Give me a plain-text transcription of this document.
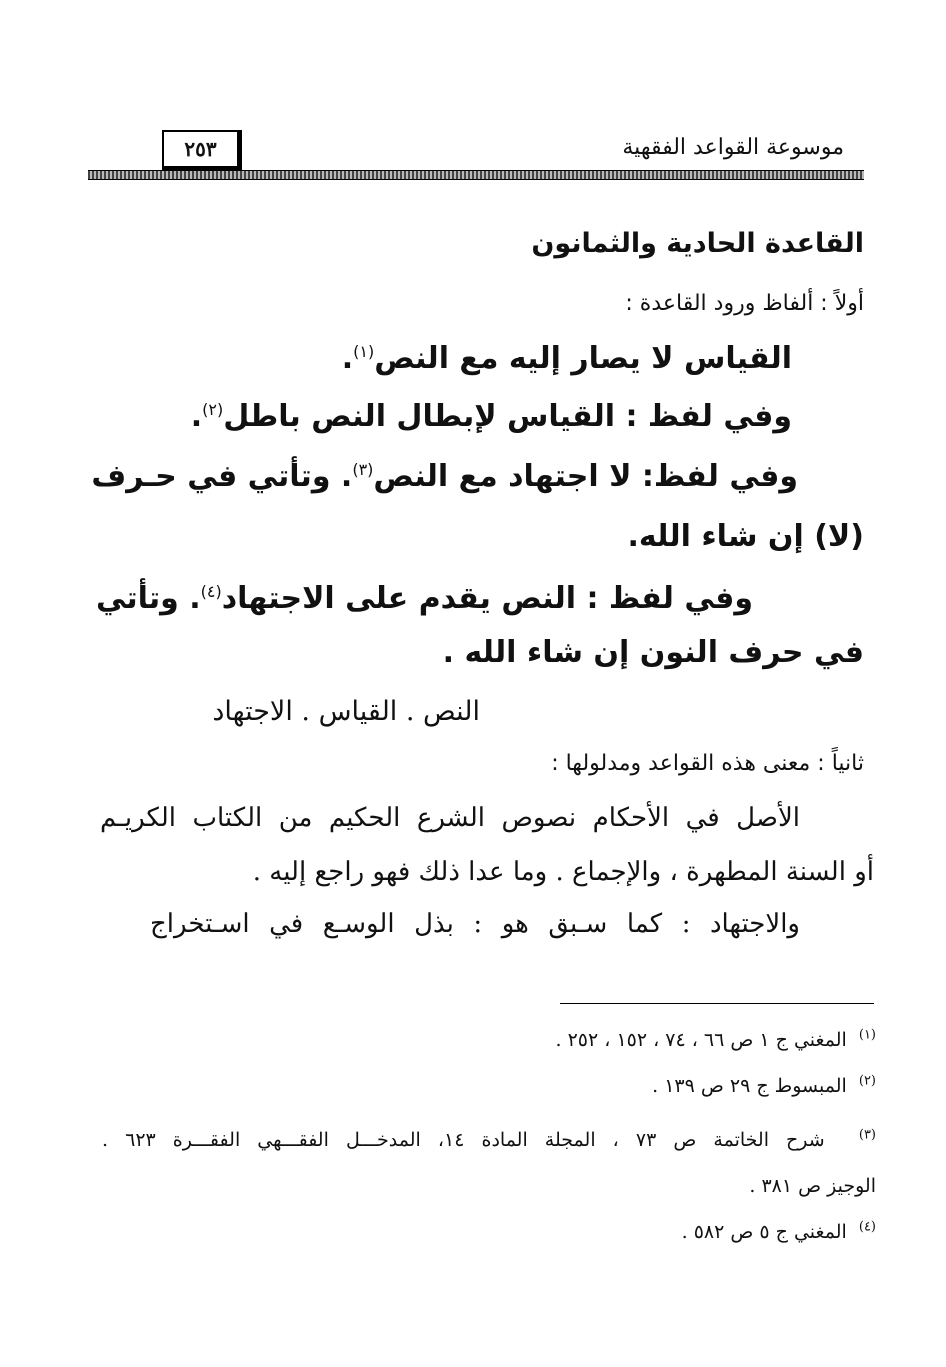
موسوعة القواعد الفقهية
٢٥٣
القاعدة الحادية والثمانون
أولاً : ألفاظ ورود القاعدة :
القياس لا يصار إليه مع النص$^{(١)}$.
وفي لفظ : القياس لإبطال النص باطل$^{(٢)}$.
وفي لفظ: لا اجتهاد مع النص$^{(٣)}$. وتأتي في حـرف
(لا) إن شاء الله.
وفي لفظ : النص يقدم على الاجتهاد$^{(٤)}$. وتأتي
في حرف النون إن شاء الله .
النص . القياس . الاجتهاد
ثانياً : معنى هذه القواعد ومدلولها :
الأصل في الأحكام نصوص الشرع الحكيم من الكتاب الكريـم
أو السنة المطهرة ، والإجماع . وما عدا ذلك فهو راجع إليه .
والاجتهاد : كما سـبق هو : بذل الوسـع في اسـتخراج
$^{(١)}$  المغني ج ١ ص ٦٦ ، ٧٤ ، ١٥٢ ، ٢٥٢ .
$^{(٢)}$  المبسوط ج ٢٩ ص ١٣٩ .
$^{(٣)}$  شرح الخاتمة ص ٧٣ ، المجلة المادة ١٤، المدخـــل الفقـــهي الفقـــرة ٦٢٣ .
الوجيز ص ٣٨١ .
$^{(٤)}$  المغني ج ٥ ص ٥٨٢ .
